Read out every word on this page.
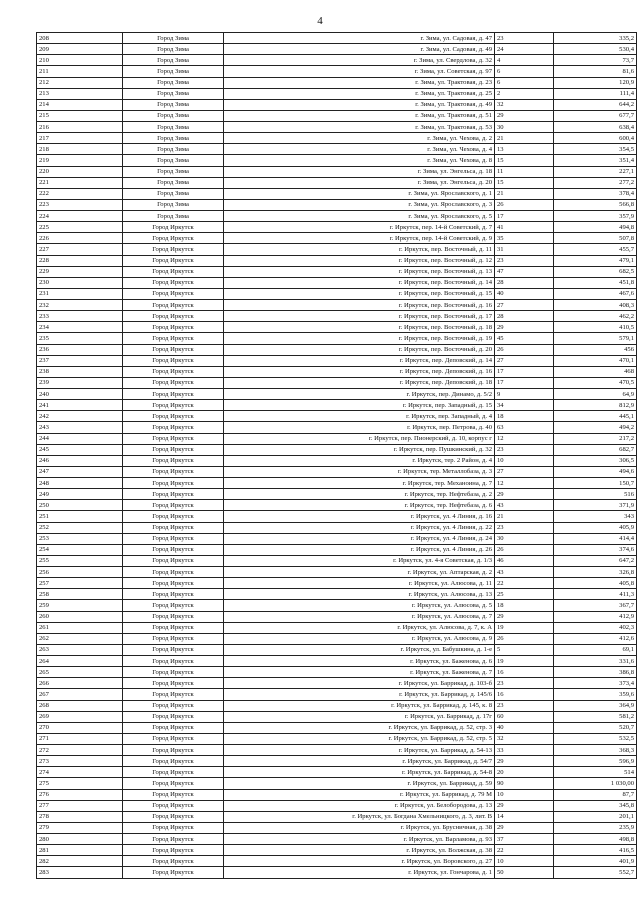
4
208	Город Зима	г. Зима, ул. Садовая, д. 47	23	335,2
209	Город Зима	г. Зима, ул. Садовая, д. 49	24	530,4
210	Город Зима	г. Зима, ул. Свердлова, д. 32	4	73,7
211	Город Зима	г. Зима, ул. Советская, д. 97	6	81,6
212	Город Зима	г. Зима, ул. Трактовая, д. 23	6	120,9
213	Город Зима	г. Зима, ул. Трактовая, д. 25	2	111,4
214	Город Зима	г. Зима, ул. Трактовая, д. 49	32	644,2
215	Город Зима	г. Зима, ул. Трактовая, д. 51	29	677,7
216	Город Зима	г. Зима, ул. Трактовая, д. 53	30	638,4
217	Город Зима	г. Зима, ул. Чехова, д. 2	21	600,4
218	Город Зима	г. Зима, ул. Чехова, д. 4	13	354,5
219	Город Зима	г. Зима, ул. Чехова, д. 8	15	351,4
220	Город Зима	г. Зима, ул. Энгельса, д. 18	11	227,1
221	Город Зима	г. Зима, ул. Энгельса, д. 20	15	277,2
222	Город Зима	г. Зима, ул. Ярославского, д. 1	21	378,4
223	Город Зима	г. Зима, ул. Ярославского, д. 3	26	566,8
224	Город Зима	г. Зима, ул. Ярославского, д. 5	17	357,9
225	Город Иркутск	г. Иркутск, пер. 14-й Советский, д. 7	41	494,8
226	Город Иркутск	г. Иркутск, пер. 14-й Советский, д. 9	35	507,8
227	Город Иркутск	г. Иркутск, пер. Восточный, д. 11	31	455,7
228	Город Иркутск	г. Иркутск, пер. Восточный, д. 12	23	479,1
229	Город Иркутск	г. Иркутск, пер. Восточный, д. 13	47	682,5
230	Город Иркутск	г. Иркутск, пер. Восточный, д. 14	28	451,8
231	Город Иркутск	г. Иркутск, пер. Восточный, д. 15	40	467,6
232	Город Иркутск	г. Иркутск, пер. Восточный, д. 16	27	408,3
233	Город Иркутск	г. Иркутск, пер. Восточный, д. 17	28	462,2
234	Город Иркутск	г. Иркутск, пер. Восточный, д. 18	29	410,5
235	Город Иркутск	г. Иркутск, пер. Восточный, д. 19	45	579,1
236	Город Иркутск	г. Иркутск, пер. Восточный, д. 20	26	456
237	Город Иркутск	г. Иркутск, пер. Деповский, д. 14	27	470,1
238	Город Иркутск	г. Иркутск, пер. Деповский, д. 16	17	468
239	Город Иркутск	г. Иркутск, пер. Деповский, д. 18	17	470,5
240	Город Иркутск	г. Иркутск, пер. Динамо, д. 5/2	9	64,9
241	Город Иркутск	г. Иркутск, пер. Западный, д. 15	34	812,9
242	Город Иркутск	г. Иркутск, пер. Западный, д. 4	18	445,1
243	Город Иркутск	г. Иркутск, пер. Петрова, д. 40	63	494,2
244	Город Иркутск	г. Иркутск, пер. Пионерский, д. 10, корпус г	12	217,2
245	Город Иркутск	г. Иркутск, пер. Пушкинский, д. 32	23	682,7
246	Город Иркутск	г. Иркутск, тер. 2 Район, д. 4	10	306,5
247	Город Иркутск	г. Иркутск, тер. Металлобаза, д. 3	27	494,6
248	Город Иркутск	г. Иркутск, тер. Механоина, д. 7	12	150,7
249	Город Иркутск	г. Иркутск, тер. Нефтебаза, д. 2	29	516
250	Город Иркутск	г. Иркутск, тер. Нефтебаза, д. 6	43	371,9
251	Город Иркутск	г. Иркутск, ул. 4 Линия, д. 16	21	343
252	Город Иркутск	г. Иркутск, ул. 4 Линия, д. 22	23	405,9
253	Город Иркутск	г. Иркутск, ул. 4 Линия, д. 24	30	414,4
254	Город Иркутск	г. Иркутск, ул. 4 Линия, д. 26	26	374,6
255	Город Иркутск	г. Иркутск, ул. 4-я Советская, д. 1/3	46	647,2
256	Город Иркутск	г. Иркутск, ул. Аптарская, д. 2	43	326,8
257	Город Иркутск	г. Иркутск, ул. Алюсова, д. 11	22	405,8
258	Город Иркутск	г. Иркутск, ул. Алюсова, д. 13	25	411,3
259	Город Иркутск	г. Иркутск, ул. Алюсова, д. 5	18	367,7
260	Город Иркутск	г. Иркутск, ул. Алюсова, д. 7	29	412,9
261	Город Иркутск	г. Иркутск, ул. Алюсова, д. 7, к. А	19	402,3
262	Город Иркутск	г. Иркутск, ул. Алюсова, д. 9	26	412,6
263	Город Иркутск	г. Иркутск, ул. Бабушкина, д. 1-е	5	69,1
264	Город Иркутск	г. Иркутск, ул. Баженова, д. 6	19	331,6
265	Город Иркутск	г. Иркутск, ул. Баженова, д. 7	16	386,8
266	Город Иркутск	г. Иркутск, ул. Баррикад, д. 103-б	23	373,4
267	Город Иркутск	г. Иркутск, ул. Баррикад, д. 145/6	16	359,6
268	Город Иркутск	г. Иркутск, ул. Баррикад, д. 145, к. 8	23	364,9
269	Город Иркутск	г. Иркутск, ул. Баррикад, д. 17г	60	581,2
270	Город Иркутск	г. Иркутск, ул. Баррикад, д. 52, стр. 3	40	520,7
271	Город Иркутск	г. Иркутск, ул. Баррикад, д. 52, стр. 5	32	532,5
272	Город Иркутск	г. Иркутск, ул. Баррикад, д. 54-13	33	368,3
273	Город Иркутск	г. Иркутск, ул. Баррикад, д. 54/7	29	596,9
274	Город Иркутск	г. Иркутск, ул. Баррикад, д. 54-8	20	514
275	Город Иркутск	г. Иркутск, ул. Баррикад, д. 59	90	1 030,00
276	Город Иркутск	г. Иркутск, ул. Баррикад, д. 79 М	10	87,7
277	Город Иркутск	г. Иркутск, ул. Белобородова, д. 13	29	345,8
278	Город Иркутск	г. Иркутск, ул. Богдана Хмельницкого, д. 3, лит. В	14	201,1
279	Город Иркутск	г. Иркутск, ул. Брусничная, д. 38	29	235,9
280	Город Иркутск	г. Иркутск, ул. Варламова, д. 93	37	498,8
281	Город Иркутск	г. Иркутск, ул. Волжская, д. 38	22	416,5
282	Город Иркутск	г. Иркутск, ул. Воровского, д. 27	10	401,9
283	Город Иркутск	г. Иркутск, ул. Гончарова, д. 1	50	552,7
